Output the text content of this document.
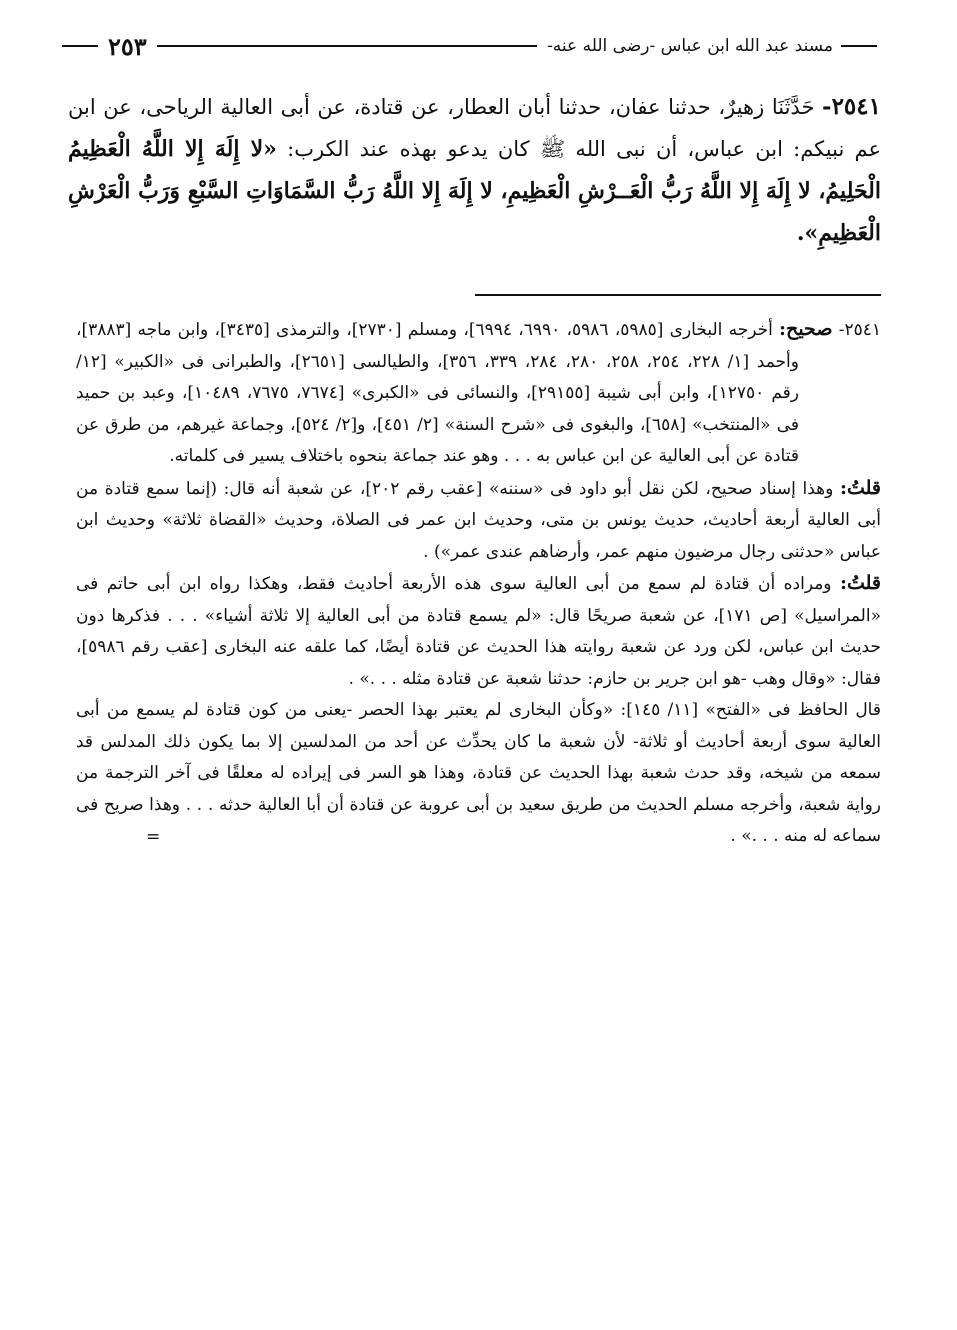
مسند عبد الله ابن عباس -رضى الله عنه-
٢٥٣
٢٥٤١- حَدَّثَنَا زهيرٌ، حدثنا عفان، حدثنا أبان العطار، عن قتادة، عن أبى العالية الرياحى، عن ابن عم نبيكم: ابن عباس، أن نبى الله ﷺ كان يدعو بهذه عند الكرب: «لا إِلَهَ إِلا اللَّهُ الْعَظِيمُ الْحَلِيمُ، لا إِلَهَ إِلا اللَّهُ رَبُّ الْعَــرْشِ الْعَظِيمِ، لا إِلَهَ إِلا اللَّهُ رَبُّ السَّمَاوَاتِ السَّبْعِ وَرَبُّ الْعَرْشِ الْعَظِيمِ».

٢٥٤١- صحيح: أخرجه البخارى [٥٩٨٥، ٥٩٨٦، ٦٩٩٠، ٦٩٩٤]، ومسلم [٢٧٣٠]، والترمذى [٣٤٣٥]، وابن ماجه [٣٨٨٣]، وأحمد [١/ ٢٢٨، ٢٥٤، ٢٥٨، ٢٨٠، ٢٨٤، ٣٣٩، ٣٥٦]، والطيالسى [٢٦٥١]، والطبرانى فى «الكبير» [١٢/ رقم ١٢٧٥٠]، وابن أبى شيبة [٢٩١٥٥]، والنسائى فى «الكبرى» [٧٦٧٤، ٧٦٧٥، ١٠٤٨٩]، وعبد بن حميد فى «المنتخب» [٦٥٨]، والبغوى فى «شرح السنة» [٢/ ٤٥١]، و[٢/ ٥٢٤]، وجماعة غيرهم، من طرق عن قتادة عن أبى العالية عن ابن عباس به . . . وهو عند جماعة بنحوه باختلاف يسير فى كلماته.

قلتُ: وهذا إسناد صحيح، لكن نقل أبو داود فى «سننه» [عقب رقم ٢٠٢]، عن شعبة أنه قال: (إنما سمع قتادة من أبى العالية أربعة أحاديث، حديث يونس بن متى، وحديث ابن عمر فى الصلاة، وحديث «القضاة ثلاثة» وحديث ابن عباس «حدثنى رجال مرضيون منهم عمر، وأرضاهم عندى عمر») .

قلتُ: ومراده أن قتادة لم سمع من أبى العالية سوى هذه الأربعة أحاديث فقط، وهكذا رواه ابن أبى حاتم فى «المراسيل» [ص ١٧١]، عن شعبة صريحًا قال: «لم يسمع قتادة من أبى العالية إلا ثلاثة أشياء» . . . فذكرها دون حديث ابن عباس، لكن ورد عن شعبة روايته هذا الحديث عن قتادة أيضًا، كما علقه عنه البخارى [عقب رقم ٥٩٨٦]، فقال: «وقال وهب -هو ابن جرير بن حازم: حدثنا شعبة عن قتادة مثله . . .» .

قال الحافظ فى «الفتح» [١١/ ١٤٥]: «وكأن البخارى لم يعتبر بهذا الحصر -يعنى من كون قتادة لم يسمع من أبى العالية سوى أربعة أحاديث أو ثلاثة- لأن شعبة ما كان يحدِّث عن أحد من المدلسين إلا بما يكون ذلك المدلس قد سمعه من شيخه، وقد حدث شعبة بهذا الحديث عن قتادة، وهذا هو السر فى إيراده له معلقًا فى آخر الترجمة من رواية شعبة، وأخرجه مسلم الحديث من طريق سعيد بن أبى عروبة عن قتادة أن أبا العالية حدثه . . . وهذا صريح فى سماعه له منه . . .» .

=
